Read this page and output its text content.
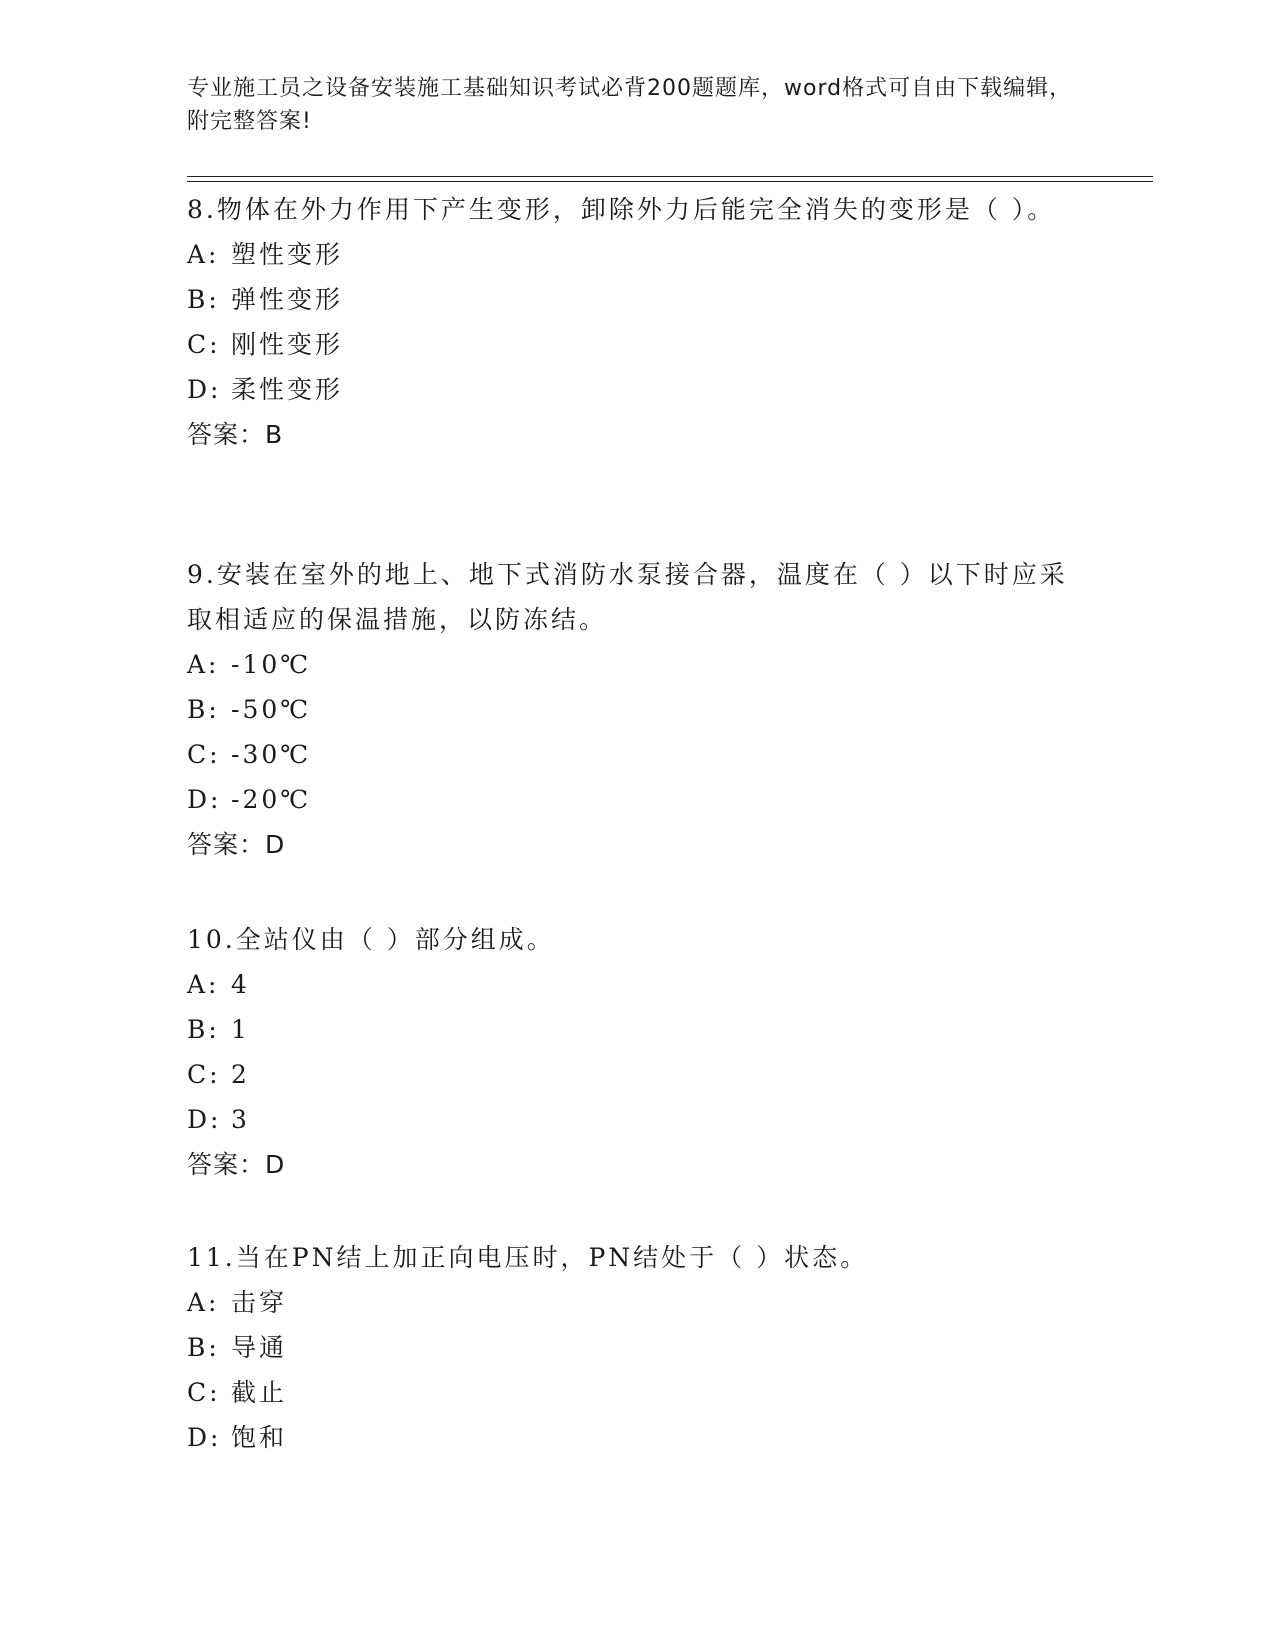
专业施工员之设备安装施工基础知识考试必背200题题库，word格式可自由下载编辑，附完整答案!
8.物体在外力作用下产生变形，卸除外力后能完全消失的变形是（ ）。
A: 塑性变形
B: 弹性变形
C: 刚性变形
D: 柔性变形
答案：B
9.安装在室外的地上、地下式消防水泵接合器，温度在（ ）以下时应采取相适应的保温措施，以防冻结。
A: -10℃
B: -50℃
C: -30℃
D: -20℃
答案：D
10.全站仪由（ ）部分组成。
A: 4
B: 1
C: 2
D: 3
答案：D
11.当在PN结上加正向电压时，PN结处于（ ）状态。
A: 击穿
B: 导通
C: 截止
D: 饱和
